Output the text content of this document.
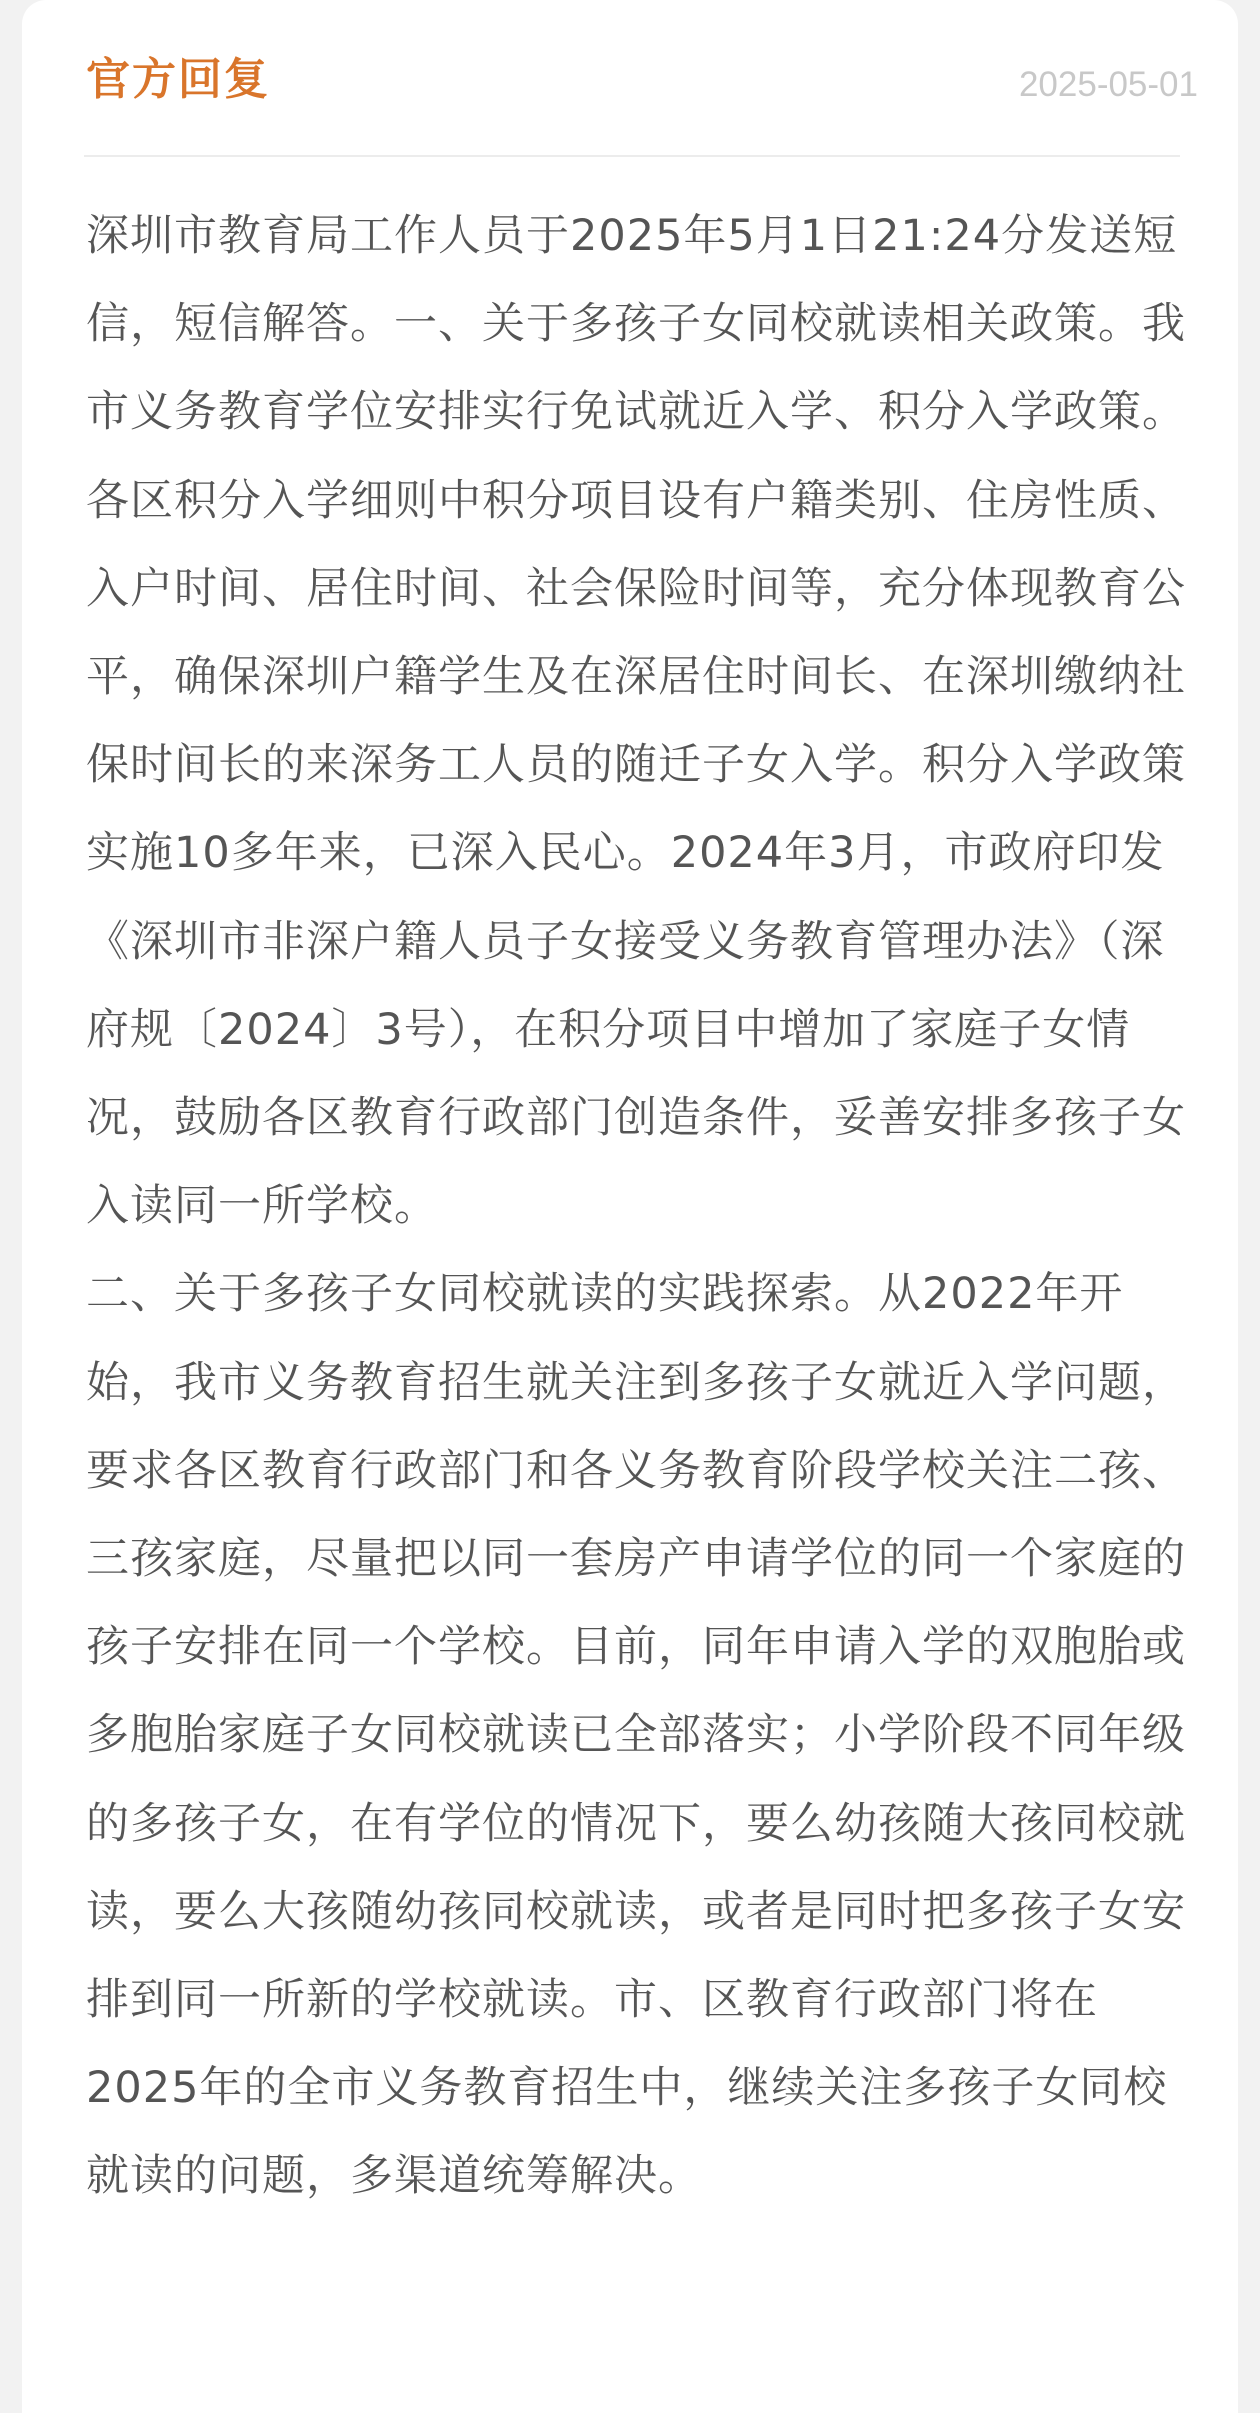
官方回复	2025-05-01

深圳市教育局工作人员于2025年5月1日21:24分发送短信，短信解答。一、关于多孩子女同校就读相关政策。我市义务教育学位安排实行免试就近入学、积分入学政策。各区积分入学细则中积分项目设有户籍类别、住房性质、入户时间、居住时间、社会保险时间等，充分体现教育公平，确保深圳户籍学生及在深居住时间长、在深圳缴纳社保时间长的来深务工人员的随迁子女入学。积分入学政策实施10多年来，已深入民心。2024年3月，市政府印发《深圳市非深户籍人员子女接受义务教育管理办法》（深府规〔2024〕3号），在积分项目中增加了家庭子女情况，鼓励各区教育行政部门创造条件，妥善安排多孩子女入读同一所学校。

二、关于多孩子女同校就读的实践探索。从2022年开始，我市义务教育招生就关注到多孩子女就近入学问题，要求各区教育行政部门和各义务教育阶段学校关注二孩、三孩家庭，尽量把以同一套房产申请学位的同一个家庭的孩子安排在同一个学校。目前，同年申请入学的双胞胎或多胞胎家庭子女同校就读已全部落实；小学阶段不同年级的多孩子女，在有学位的情况下，要么幼孩随大孩同校就读，要么大孩随幼孩同校就读，或者是同时把多孩子女安排到同一所新的学校就读。市、区教育行政部门将在2025年的全市义务教育招生中，继续关注多孩子女同校就读的问题，多渠道统筹解决。
